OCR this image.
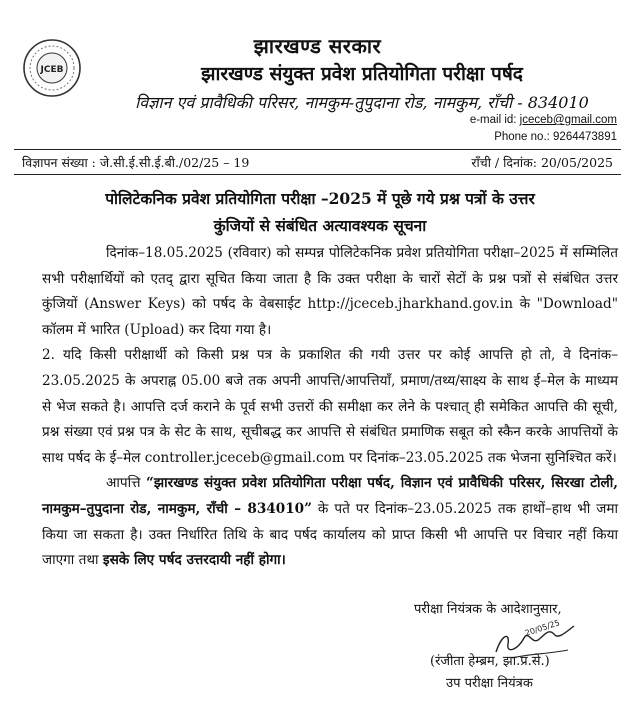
JCEB
झारखण्ड सरकार
झारखण्ड संयुक्त प्रवेश प्रतियोगिता परीक्षा पर्षद
विज्ञान एवं प्रावैधिकी परिसर, नामकुम-तुपुदाना रोड, नामकुम, राँची - 834010
e-mail id: jceceb@gmail.com
Phone no.: 9264473891
विज्ञापन संख्या : जे.सी.ई.सी.ई.बी./02/25 – 19	राँची / दिनांक: 20/05/2025
पोलिटेकनिक प्रवेश प्रतियोगिता परीक्षा –2025 में पूछे गये प्रश्न पत्रों के उत्तर
कुंजियों से संबंधित अत्यावश्यक सूचना

दिनांक–18.05.2025 (रविवार) को सम्पन्न पोलिटेकनिक प्रवेश प्रतियोगिता परीक्षा–2025 में सम्मिलित सभी परीक्षार्थियों को एतद् द्वारा सूचित किया जाता है कि उक्त परीक्षा के चारों सेटों के प्रश्न पत्रों से संबंधित उत्तर कुंजियों (Answer Keys) को पर्षद के वेबसाईट http://jceceb.jharkhand.gov.in के "Download" कॉलम में भारित (Upload) कर दिया गया है।

2. यदि किसी परीक्षार्थी को किसी प्रश्न पत्र के प्रकाशित की गयी उत्तर पर कोई आपत्ति हो तो, वे दिनांक–23.05.2025 के अपराह्न 05.00 बजे तक अपनी आपत्ति/आपत्तियाँ, प्रमाण/तथ्य/साक्ष्य के साथ ई–मेल के माध्यम से भेज सकते है। आपत्ति दर्ज कराने के पूर्व सभी उत्तरों की समीक्षा कर लेने के पश्चात् ही समेकित आपत्ति की सूची, प्रश्न संख्या एवं प्रश्न पत्र के सेट के साथ, सूचीबद्ध कर आपत्ति से संबंधित प्रमाणिक सबूत को स्कैन करके आपत्तियों के साथ पर्षद के ई–मेल controller.jceceb@gmail.com पर दिनांक–23.05.2025 तक भेजना सुनिश्चित करें।

आपत्ति “झारखण्ड संयुक्त प्रवेश प्रतियोगिता परीक्षा पर्षद, विज्ञान एवं प्रावैधिकी परिसर, सिरखा टोली, नामकुम–तुपुदाना रोड, नामकुम, राँची – 834010” के पते पर दिनांक–23.05.2025 तक हाथों–हाथ भी जमा किया जा सकता है। उक्त निर्धारित तिथि के बाद पर्षद कार्यालय को प्राप्त किसी भी आपत्ति पर विचार नहीं किया जाएगा तथा इसके लिए पर्षद उत्तरदायी नहीं होगा।

परीक्षा नियंत्रक के आदेशानुसार,
20/05/25
(रंजीता हेम्ब्रम, झा.प्र.से.)
उप परीक्षा नियंत्रक
